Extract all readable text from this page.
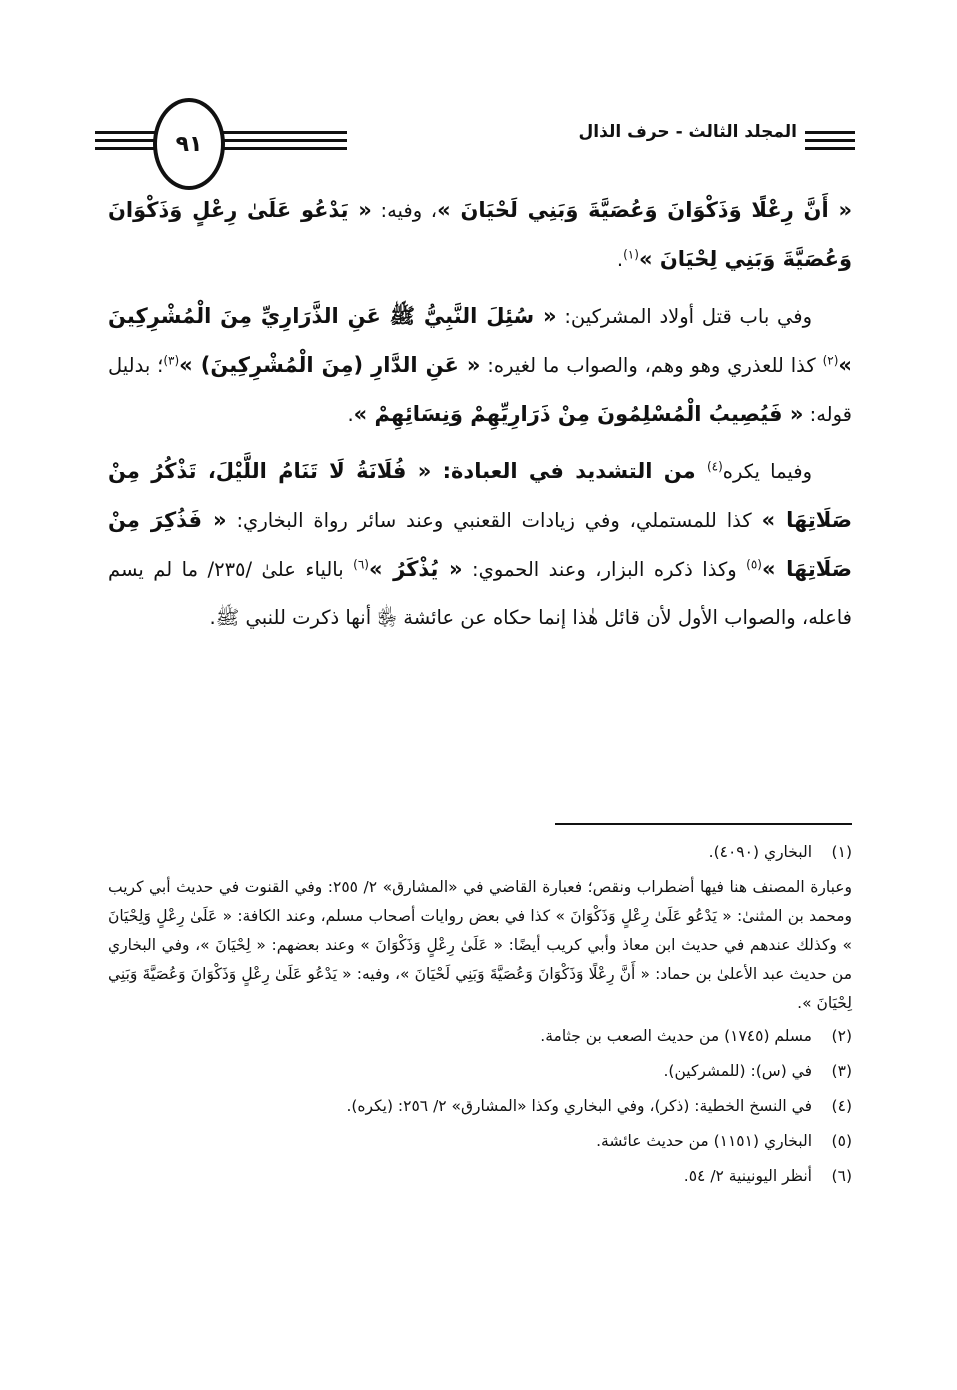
المجلد الثالث - حرف الذال
٩١

« أَنَّ رِعْلًا وَذَكْوَانَ وَعُصَيَّةَ وَبَنِي لَحْيَانَ »، وفيه: « يَدْعُو عَلَىٰ رِعْلٍ وَذَكْوَانَ وَعُصَيَّةَ وَبَنِي لِحْيَانَ »$^{(١)}$.

وفي باب قتل أولاد المشركين: « سُئِلَ النَّبِيُّ ﷺ عَنِ الذَّرَارِيِّ مِنَ الْمُشْرِكِينَ »$^{(٢)}$ كذا للعذري وهو وهم، والصواب ما لغيره: « عَنِ الدَّارِ (مِنَ الْمُشْرِكِينَ) »$^{(٣)}$؛ بدليل قوله: « فَيُصِيبُ الْمُسْلِمُونَ مِنْ ذَرَارِيِّهِمْ وَنِسَائِهِمْ ».

وفيما يكره$^{(٤)}$ من التشديد في العبادة: « فُلَانَةُ لَا تَنَامُ اللَّيْلَ، تَذْكُرُ مِنْ صَلَاتِهَا » كذا للمستملي، وفي زيادات القعنبي وعند سائر رواة البخاري: « فَذُكِرَ مِنْ صَلَاتِهَا »$^{(٥)}$ وكذا ذكره البزار، وعند الحموي: « يُذْكَرُ »$^{(٦)}$ بالياء علىٰ /٢٣٥/ ما لم يسم فاعله، والصواب الأول لأن قائل هٰذا إنما حكاه عن عائشة ﵂ أنها ذكرت للنبي ﷺ.

(١)
البخاري (٤٠٩٠).

وعبارة المصنف هنا فيها أضطراب ونقص؛ فعبارة القاضي في «المشارق» ٢/ ٢٥٥: وفي القنوت في حديث أبي كريب ومحمد بن المثنىٰ: « يَدْعُو عَلَىٰ رِعْلٍ وَذَكْوَانَ » كذا في بعض روايات أصحاب مسلم، وعند الكافة: « عَلَىٰ رِعْلٍ وَلِحْيَانَ » وكذلك عندهم في حديث ابن معاذ وأبي كريب أيضًا: « عَلَىٰ رِعْلٍ وَذَكْوَانَ » وعند بعضهم: « لِحْيَانَ »، وفي البخاري من حديث عبد الأعلىٰ بن حماد: « أَنَّ رِعْلًا وَذَكْوَانَ وَعُصَيَّةَ وَبَنِي لَحْيَانَ »، وفيه: « يَدْعُو عَلَىٰ رِعْلٍ وَذَكْوَانَ وَعُصَيَّةَ وَبَنِي لِحْيَانَ ».

(٢)
مسلم (١٧٤٥) من حديث الصعب بن جثامة.
(٣)
في (س): (للمشركين).
(٤)
في النسخ الخطية: (ذكر)، وفي البخاري وكذا «المشارق» ٢/ ٢٥٦: (يكره).
(٥)
البخاري (١١٥١) من حديث عائشة.
(٦)
أنظر اليونينية ٢/ ٥٤.
